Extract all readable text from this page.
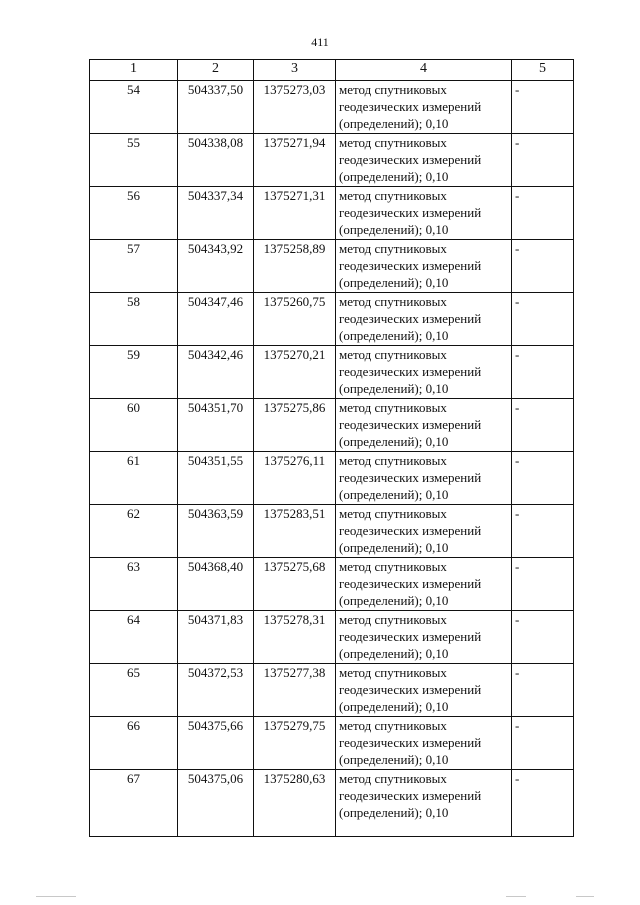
411
1	2	3	4	5
54	504337,50	1375273,03	метод спутниковых геодезических измерений (определений); 0,10	-
55	504338,08	1375271,94	метод спутниковых геодезических измерений (определений); 0,10	-
56	504337,34	1375271,31	метод спутниковых геодезических измерений (определений); 0,10	-
57	504343,92	1375258,89	метод спутниковых геодезических измерений (определений); 0,10	-
58	504347,46	1375260,75	метод спутниковых геодезических измерений (определений); 0,10	-
59	504342,46	1375270,21	метод спутниковых геодезических измерений (определений); 0,10	-
60	504351,70	1375275,86	метод спутниковых геодезических измерений (определений); 0,10	-
61	504351,55	1375276,11	метод спутниковых геодезических измерений (определений); 0,10	-
62	504363,59	1375283,51	метод спутниковых геодезических измерений (определений); 0,10	-
63	504368,40	1375275,68	метод спутниковых геодезических измерений (определений); 0,10	-
64	504371,83	1375278,31	метод спутниковых геодезических измерений (определений); 0,10	-
65	504372,53	1375277,38	метод спутниковых геодезических измерений (определений); 0,10	-
66	504375,66	1375279,75	метод спутниковых геодезических измерений (определений); 0,10	-
67	504375,06	1375280,63	метод спутниковых геодезических измерений (определений); 0,10	-
